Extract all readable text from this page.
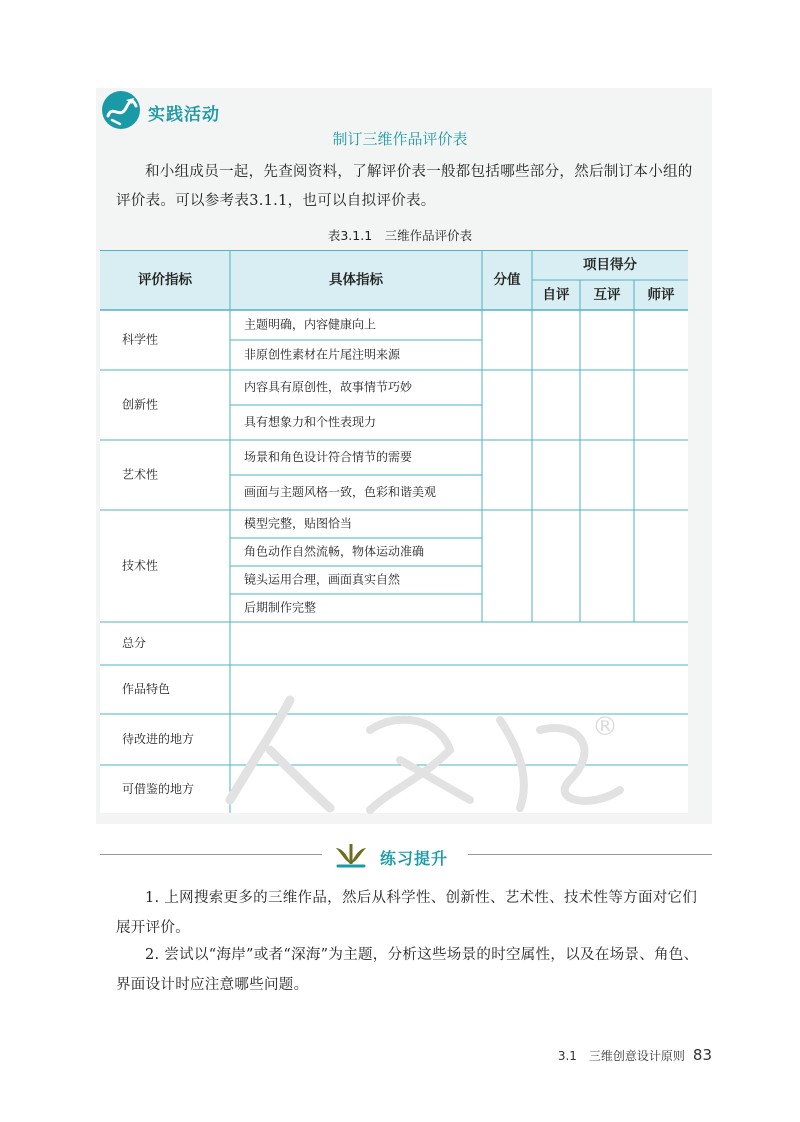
实践活动
制订三维作品评价表
和小组成员一起，先查阅资料，了解评价表一般都包括哪些部分，然后制订本小组的评价表。可以参考表3.1.1，也可以自拟评价表。
表3.1.1　三维作品评价表
评价指标	具体指标	分值
项目得分
自评 互评 师评
主题明确，内容健康向上
非原创性素材在片尾注明来源
科学性
内容具有原创性，故事情节巧妙
具有想象力和个性表现力
创新性
场景和角色设计符合情节的需要
画面与主题风格一致，色彩和谐美观
艺术性
模型完整，贴图恰当
角色动作自然流畅，物体运动准确
镜头运用合理，画面真实自然
后期制作完整
技术性
总分
作品特色
待改进的地方
可借鉴的地方
®
练习提升
1. 上网搜索更多的三维作品，然后从科学性、创新性、艺术性、技术性等方面对它们展开评价。
2. 尝试以“海岸”或者“深海”为主题，分析这些场景的时空属性，以及在场景、角色、界面设计时应注意哪些问题。
3.1　三维创意设计原则 83
